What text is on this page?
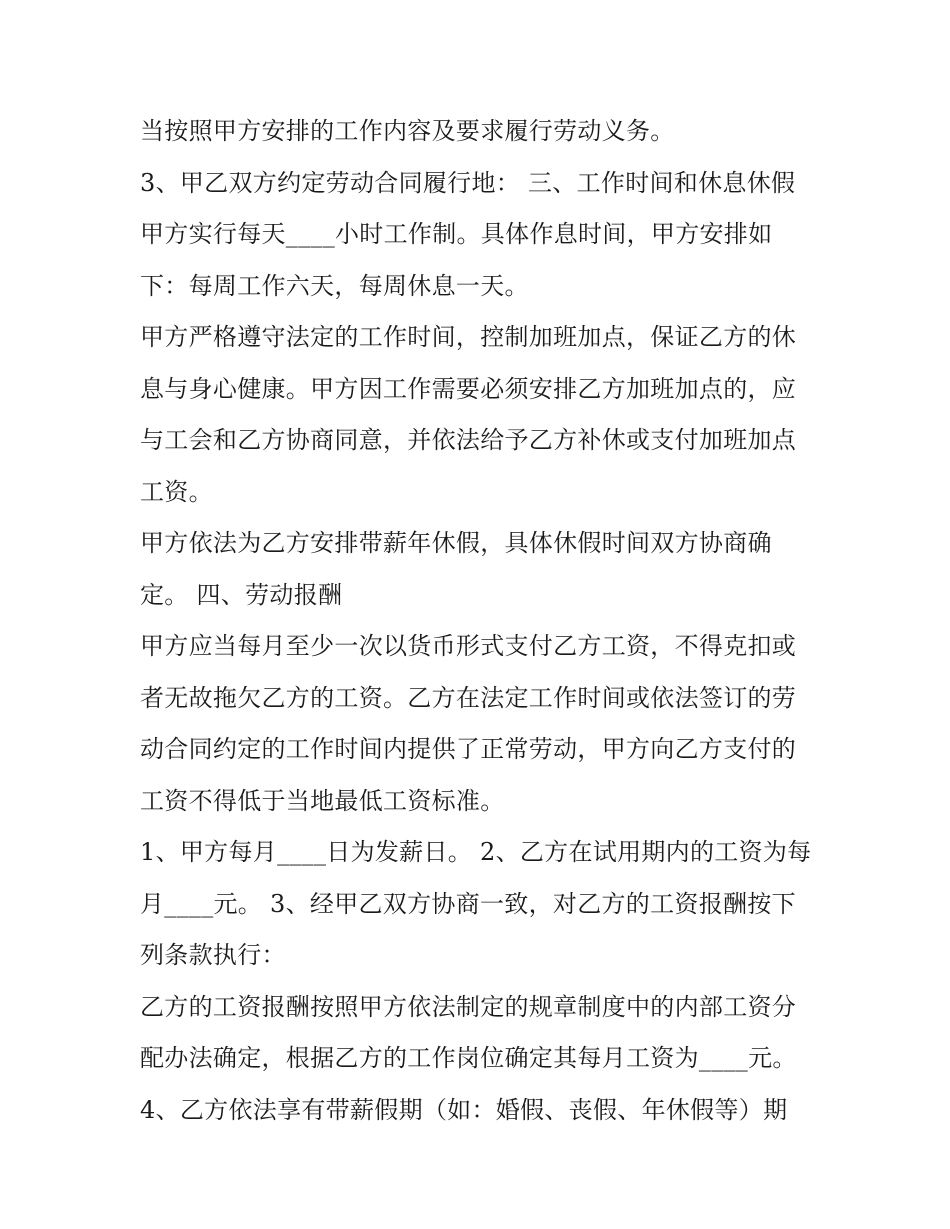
当按照甲方安排的工作内容及要求履行劳动义务。
3、甲乙双方约定劳动合同履行地： 三、工作时间和休息休假
甲方实行每天____小时工作制。具体作息时间，甲方安排如
下：每周工作六天，每周休息一天。
甲方严格遵守法定的工作时间，控制加班加点，保证乙方的休
息与身心健康。甲方因工作需要必须安排乙方加班加点的，应
与工会和乙方协商同意，并依法给予乙方补休或支付加班加点
工资。
甲方依法为乙方安排带薪年休假，具体休假时间双方协商确
定。 四、劳动报酬
甲方应当每月至少一次以货币形式支付乙方工资，不得克扣或
者无故拖欠乙方的工资。乙方在法定工作时间或依法签订的劳
动合同约定的工作时间内提供了正常劳动，甲方向乙方支付的
工资不得低于当地最低工资标准。
1、甲方每月____日为发薪日。 2、乙方在试用期内的工资为每
月____元。 3、经甲乙双方协商一致，对乙方的工资报酬按下
列条款执行：
乙方的工资报酬按照甲方依法制定的规章制度中的内部工资分
配办法确定，根据乙方的工作岗位确定其每月工资为____元。
4、乙方依法享有带薪假期（如：婚假、丧假、年休假等）期
